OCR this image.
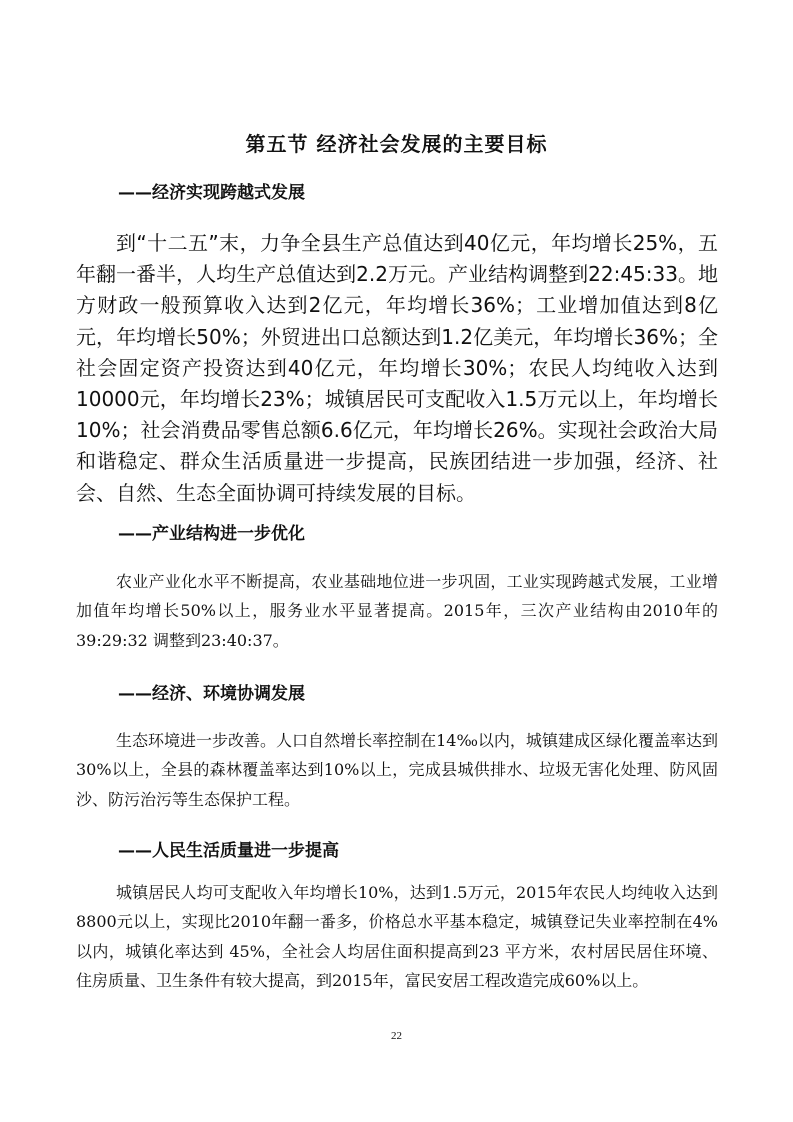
第五节 经济社会发展的主要目标
——经济实现跨越式发展

到“十二五”末，力争全县生产总值达到40亿元，年均增长25%，五年翻一番半，人均生产总值达到2.2万元。产业结构调整到22:45:33。地方财政一般预算收入达到2亿元，年均增长36%；工业增加值达到8亿元，年均增长50%；外贸进出口总额达到1.2亿美元，年均增长36%；全社会固定资产投资达到40亿元，年均增长30%；农民人均纯收入达到10000元，年均增长23%；城镇居民可支配收入1.5万元以上，年均增长10%；社会消费品零售总额6.6亿元，年均增长26%。实现社会政治大局和谐稳定、群众生活质量进一步提高，民族团结进一步加强，经济、社会、自然、生态全面协调可持续发展的目标。

——产业结构进一步优化

农业产业化水平不断提高，农业基础地位进一步巩固，工业实现跨越式发展，工业增加值年均增长50%以上，服务业水平显著提高。2015年，三次产业结构由2010年的39:29:32 调整到23:40:37。

——经济、环境协调发展

生态环境进一步改善。人口自然增长率控制在14‰以内，城镇建成区绿化覆盖率达到30%以上，全县的森林覆盖率达到10%以上，完成县城供排水、垃圾无害化处理、防风固沙、防污治污等生态保护工程。

——人民生活质量进一步提高

城镇居民人均可支配收入年均增长10%，达到1.5万元，2015年农民人均纯收入达到8800元以上，实现比2010年翻一番多，价格总水平基本稳定，城镇登记失业率控制在4%以内，城镇化率达到 45%，全社会人均居住面积提高到23 平方米，农村居民居住环境、住房质量、卫生条件有较大提高，到2015年，富民安居工程改造完成60%以上。

22
